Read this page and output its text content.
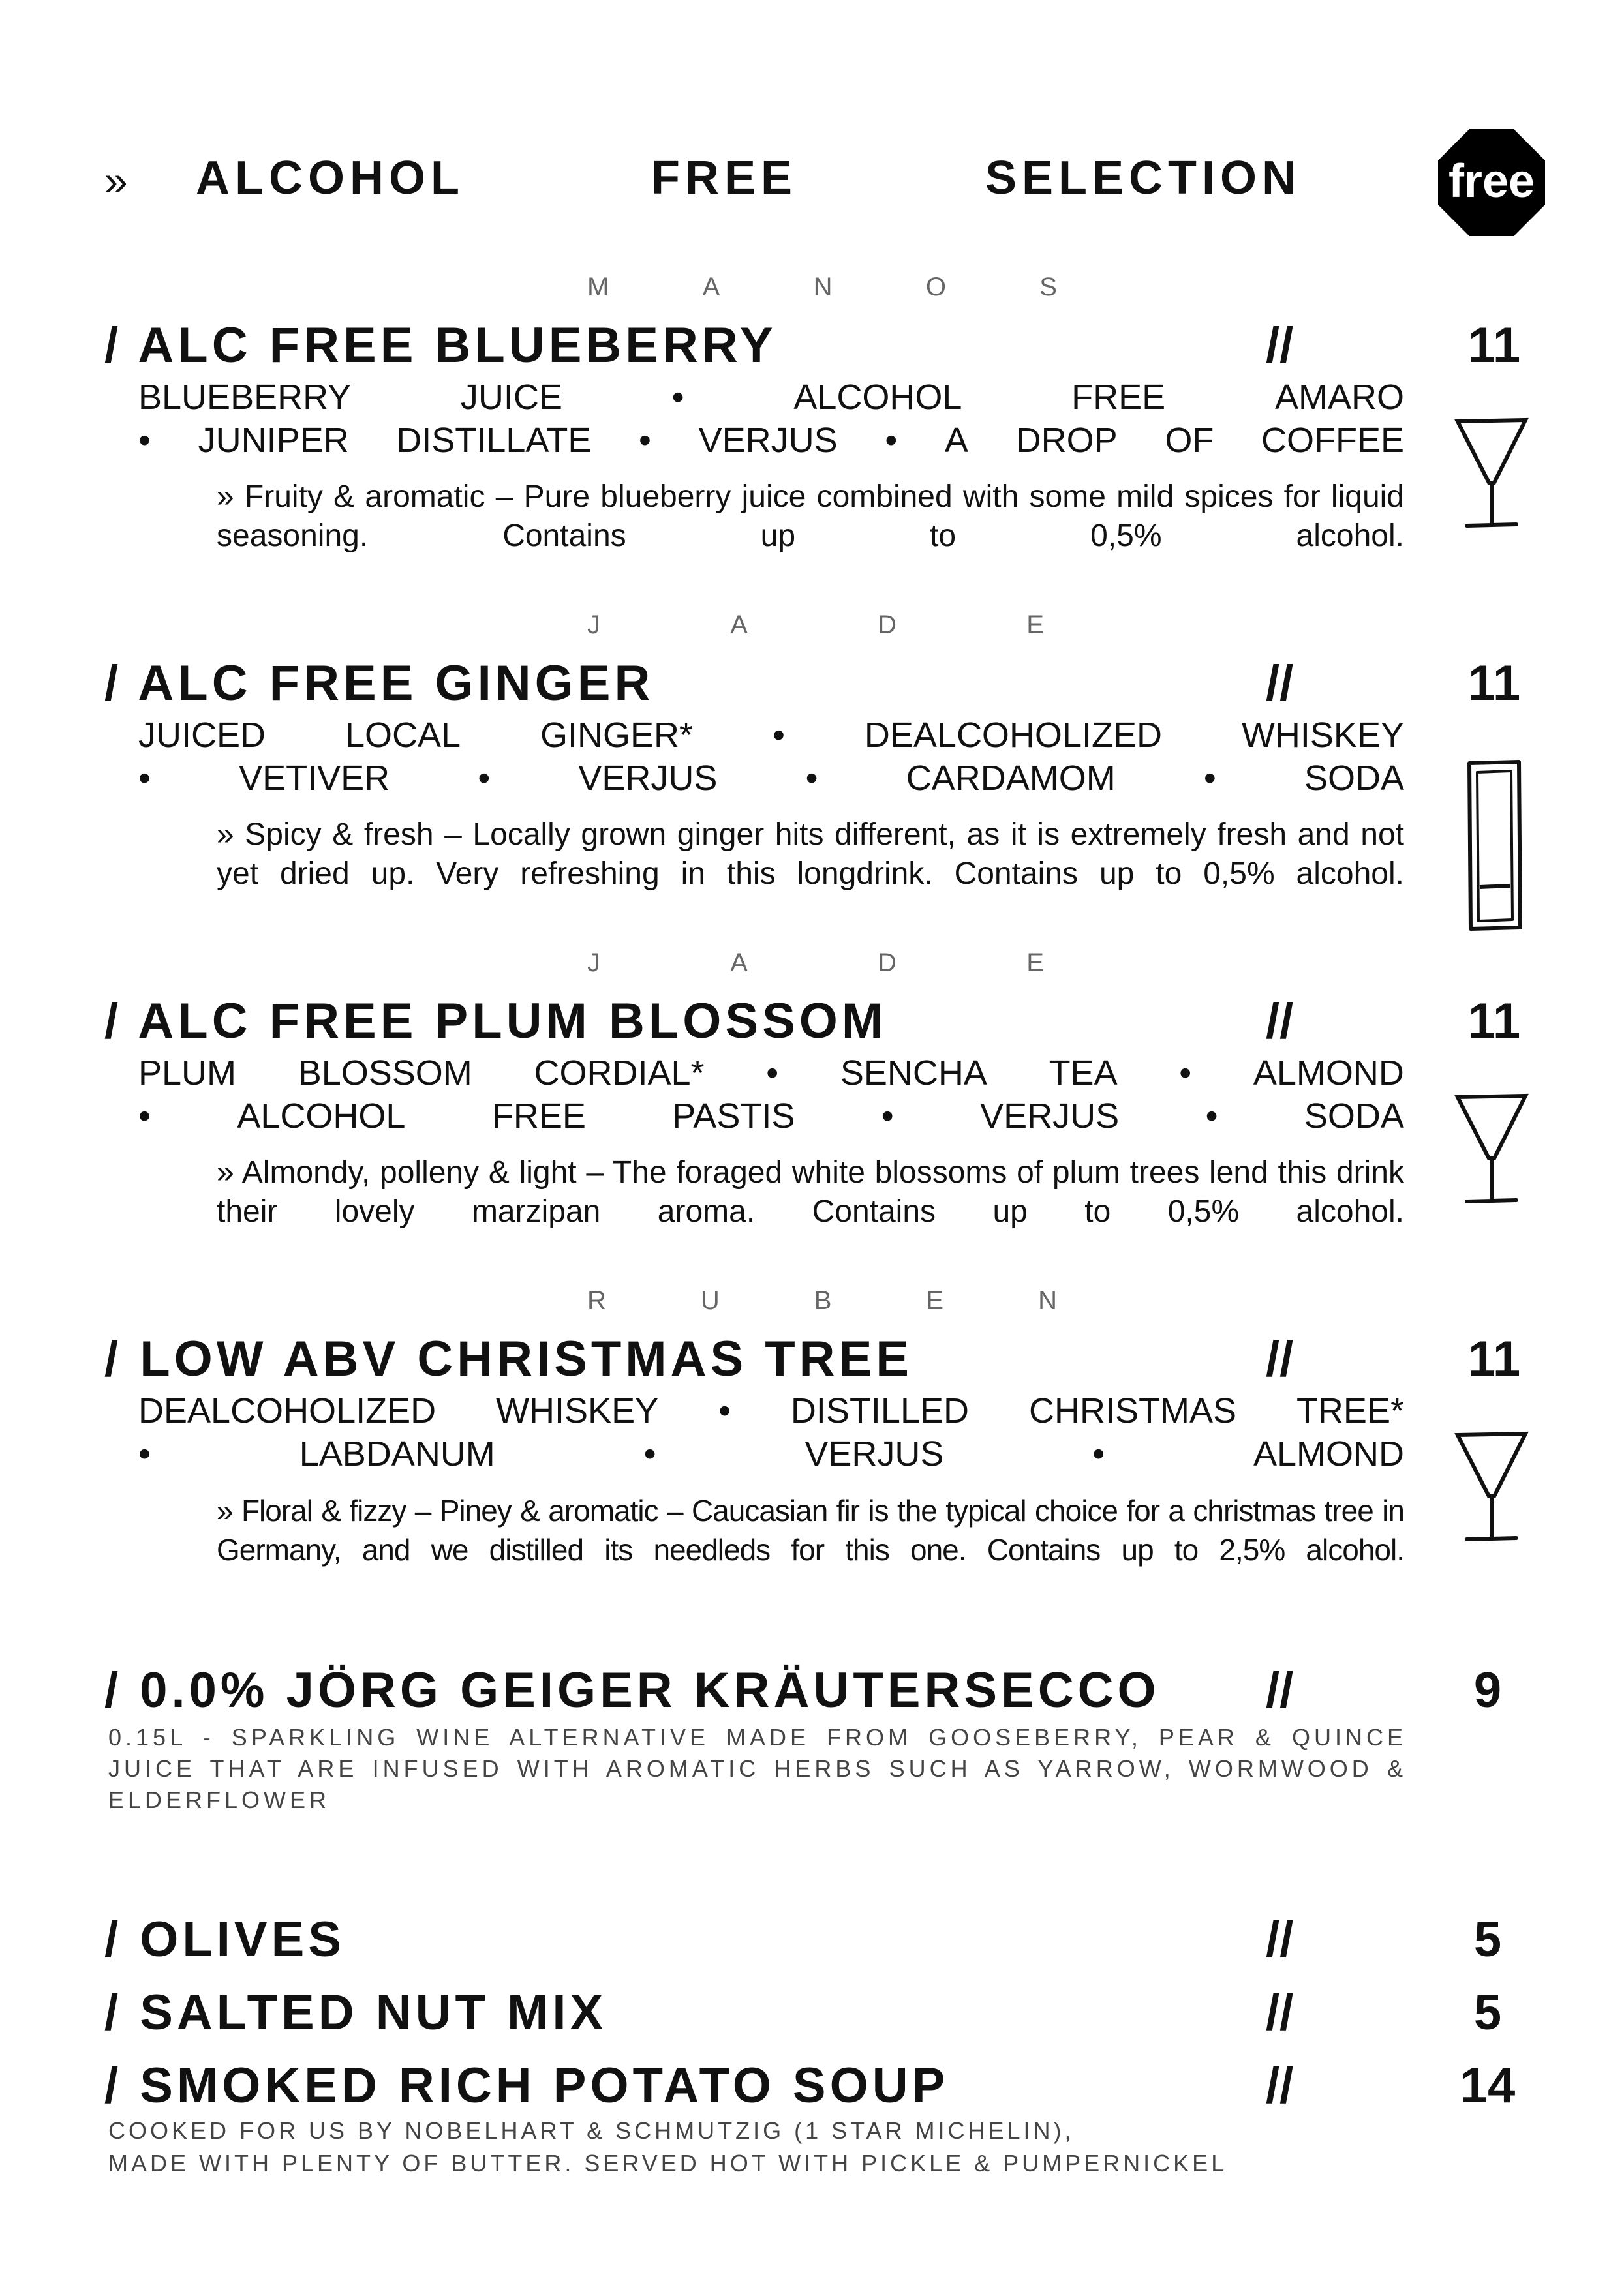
» ALCOHOL	FREE	SELECTION	free
M	A	N	O	S
/ ALC FREE BLUEBERRY	//	11
BLUEBERRY	JUICE	•	ALCOHOL	FREE	AMARO
• JUNIPER DISTILLATE • VERJUS • A DROP OF COFFEE
» Fruity & aromatic – Pure blueberry juice combined with some mild spices for liquid seasoning. Contains up to 0,5% alcohol.
J	A	D	E
/ ALC FREE GINGER	//	11
JUICED LOCAL GINGER* • DEALCOHOLIZED WHISKEY
•	VETIVER	•	VERJUS	•	CARDAMOM	•	SODA
» Spicy & fresh – Locally grown ginger hits different, as it is extremely fresh and not yet dried up. Very refreshing in this longdrink. Contains up to 0,5% alcohol.
J	A	D	E
/ ALC FREE PLUM BLOSSOM	//	11
PLUM BLOSSOM CORDIAL* • SENCHA TEA • ALMOND
• ALCOHOL FREE PASTIS • VERJUS • SODA
» Almondy, polleny & light – The foraged white blossoms of plum trees lend this drink their lovely marzipan aroma. Contains up to 0,5% alcohol.
R	U	B	E	N
/ LOW ABV CHRISTMAS TREE	//	11
DEALCOHOLIZED WHISKEY • DISTILLED CHRISTMAS TREE*
•	LABDANUM	•	VERJUS	•	ALMOND
» Floral & fizzy – Piney & aromatic – Caucasian fir is the typical choice for a christmas tree in Germany, and we distilled its needleds for this one. Contains up to 2,5% alcohol.
/ 0.0% JÖRG GEIGER KRÄUTERSECCO //	9
0.15L - SPARKLING WINE ALTERNATIVE MADE FROM GOOSEBERRY, PEAR & QUINCE JUICE THAT ARE INFUSED WITH AROMATIC HERBS SUCH AS YARROW, WORMWOOD & ELDERFLOWER
/ OLIVES	//	5
/ SALTED NUT MIX	//	5
/ SMOKED RICH POTATO SOUP	//	14
COOKED FOR US BY NOBELHART & SCHMUTZIG (1 STAR MICHELIN),
MADE WITH PLENTY OF BUTTER. SERVED HOT WITH PICKLE & PUMPERNICKEL
